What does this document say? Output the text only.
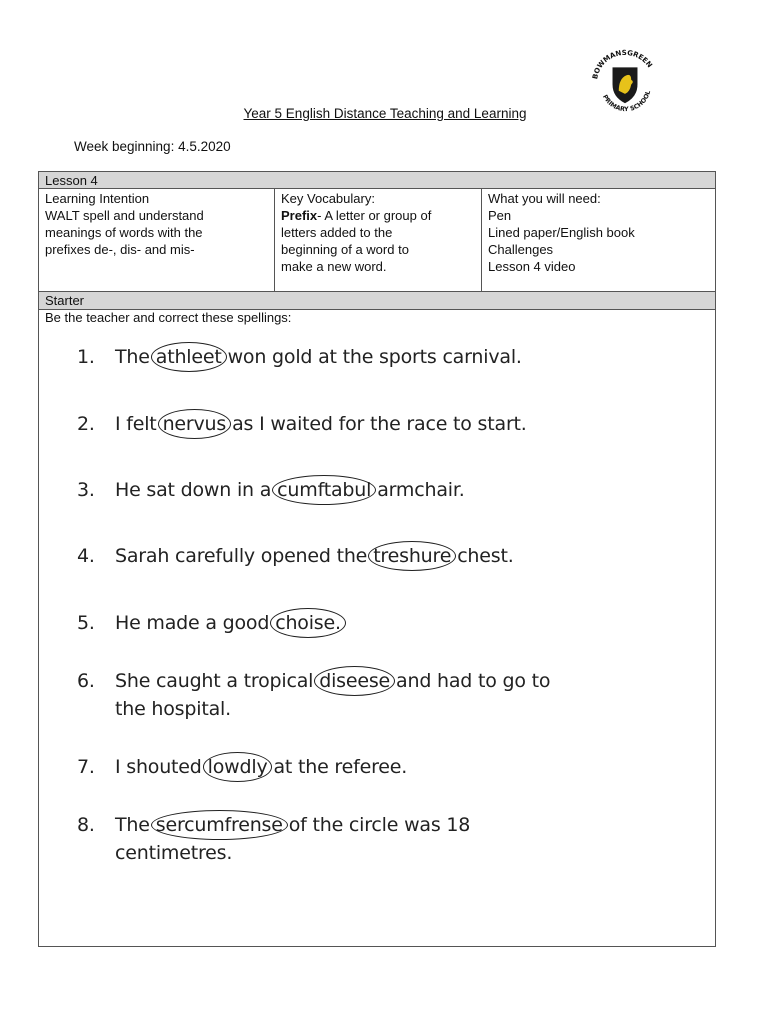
BOWMANSGREEN
PRIMARY SCHOOL
Year 5 English Distance Teaching and Learning
Week beginning: 4.5.2020
Lesson 4
Learning Intention
WALT spell and understand
meanings of words with the
prefixes de-, dis- and mis-
Key Vocabulary:
Prefix- A letter or group of
letters added to the
beginning of a word to
make a new word.
What you will need:
Pen
Lined paper/English book
Challenges
Lesson 4 video
Starter
Be the teacher and correct these spellings:
1. The athleet won gold at the sports carnival.
2. I felt nervus as I waited for the race to start.
3. He sat down in a cumftabul armchair.
4. Sarah carefully opened the treshure chest.
5. He made a good choise.
6. She caught a tropical diseese and had to go to
the hospital.
7. I shouted lowdly at the referee.
8. The sercumfrense of the circle was 18
centimetres.
